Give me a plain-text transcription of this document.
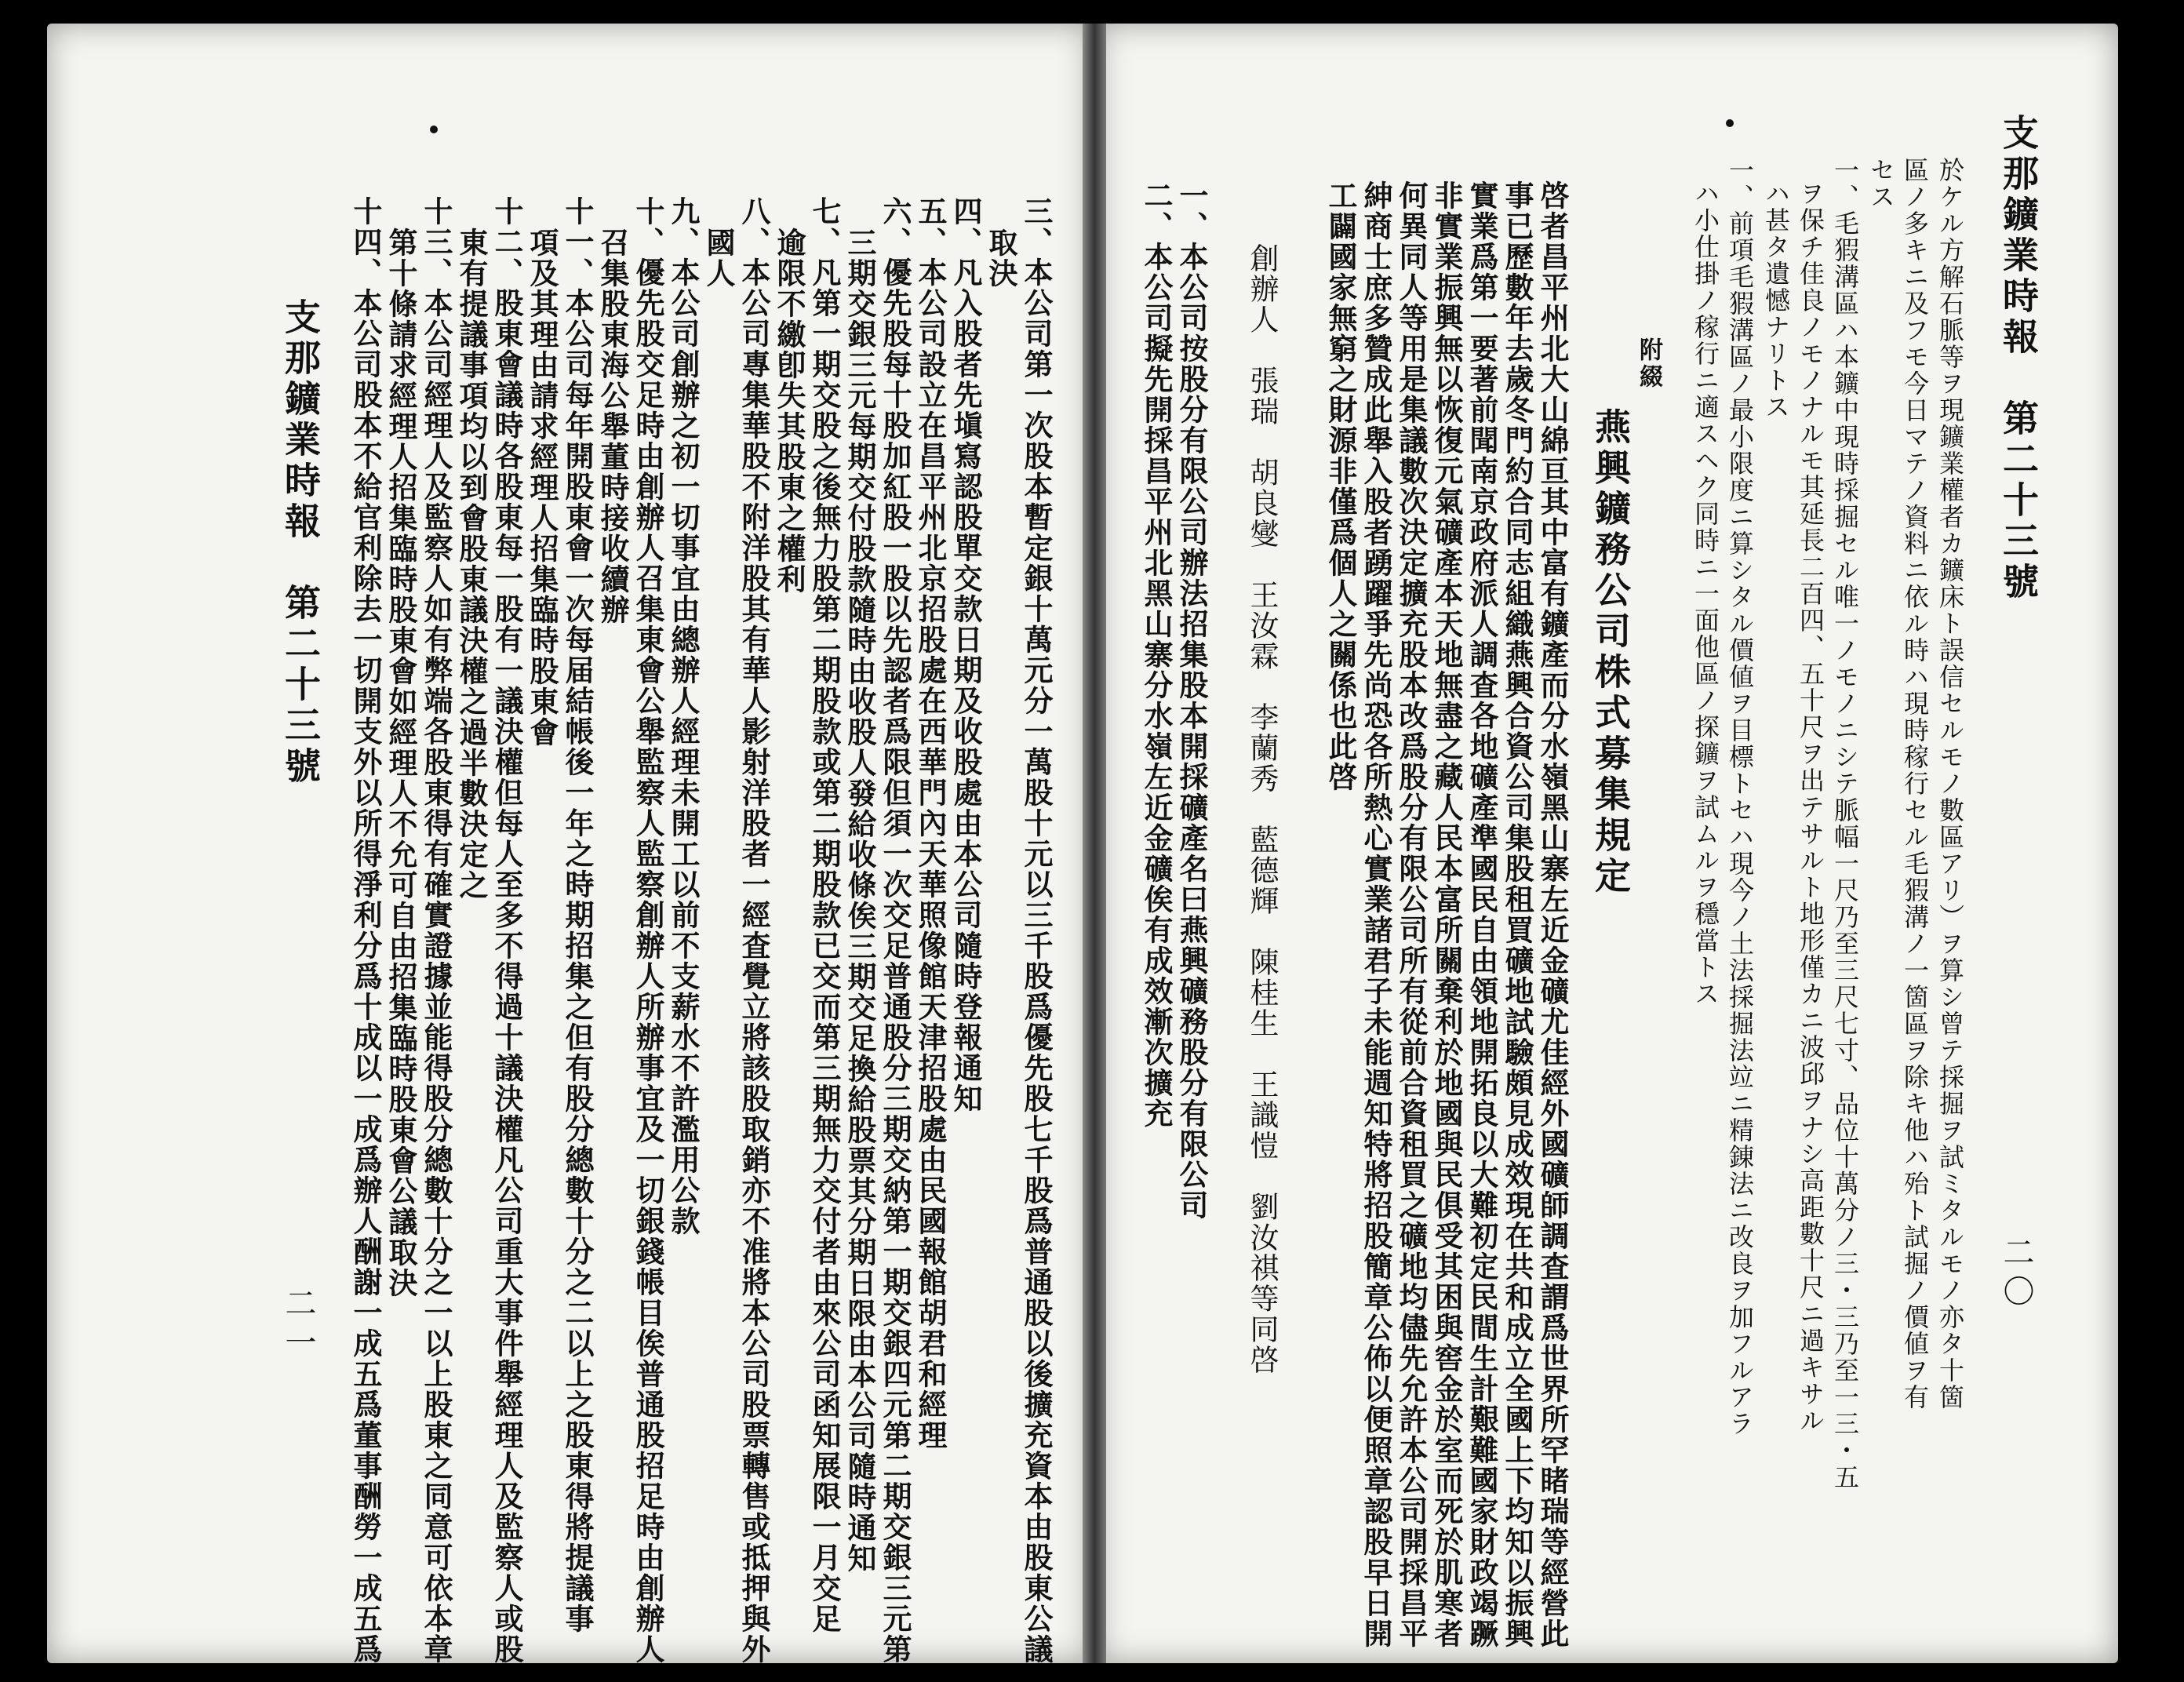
支那鑛業時報　第二十三號
二〇
於ケル方解石脈等ヲ現鑛業權者カ鑛床ト誤信セルモノ數區アリ）ヲ算シ曾テ採掘ヲ試ミタルモノ亦タ十箇
區ノ多キニ及フモ今日マテノ資料ニ依ル時ハ現時稼行セル毛猳溝ノ一箇區ヲ除キ他ハ殆ト試掘ノ價値ヲ有
セス
一、毛猳溝區ハ本鑛中現時採掘セル唯一ノモノニシテ脈幅一尺乃至三尺七寸、品位十萬分ノ三・三乃至一三・五
ヲ保チ佳良ノモノナルモ其延長二百四、五十尺ヲ出テサルト地形僅カニ波邱ヲナシ高距數十尺ニ過キサル
ハ甚タ遺憾ナリトス
一、前項毛猳溝區ノ最小限度ニ算シタル價値ヲ目標トセハ現今ノ土法採掘法竝ニ精錬法ニ改良ヲ加フルアラ
ハ小仕掛ノ稼行ニ適スヘク同時ニ一面他區ノ探鑛ヲ試ムルヲ穩當トス
附綴
燕興鑛務公司株式募集規定
啓者昌平州北大山綿亘其中富有鑛產而分水嶺黑山寨左近金礦尤佳經外國礦師調査謂爲世界所罕睹瑞等經營此
事已歷數年去歲冬門約合同志組織燕興合資公司集股租買礦地試驗頗見成效現在共和成立全國上下均知以振興
實業爲第一要著前聞南京政府派人調査各地礦產準國民自由領地開拓良以大難初定民間生計艱難國家財政竭蹶
非實業振興無以恢復元氣礦產本天地無盡之藏人民本富所關棄利於地國與民俱受其困與窖金於室而死於肌寒者
何異同人等用是集議數次決定擴充股本改爲股分有限公司所有從前合資租買之礦地均儘先允許本公司開採昌平
紳商士庶多贊成此舉入股者踴躍爭先尚恐各所熱心實業諸君子未能週知特將招股簡章公佈以便照章認股早日開
工闢國家無窮之財源非僅爲個人之關係也此啓
創辦人　張瑞　胡良燮　王汝霖　李蘭秀　藍德輝　陳桂生　王識愷　劉汝祺等同啓
一、本公司按股分有限公司辦法招集股本開採礦產名曰燕興礦務股分有限公司
二、本公司擬先開採昌平州北黑山寨分水嶺左近金礦俟有成效漸次擴充
三、本公司第一次股本暫定銀十萬元分一萬股十元以三千股爲優先股七千股爲普通股以後擴充資本由股東公議
取決
四、凡入股者先塡寫認股單交款日期及收股處由本公司隨時登報通知
五、本公司設立在昌平州北京招股處在西華門內天華照像館天津招股處由民國報館胡君和經理
六、優先股每十股加紅股一股以先認者爲限但須一次交足普通股分三期交納第一期交銀四元第二期交銀三元第
三期交銀三元每期交付股款隨時由收股人發給收條俟三期交足換給股票其分期日限由本公司隨時通知
七、凡第一期交股之後無力股第二期股款或第二期股款已交而第三期無力交付者由來公司函知展限一月交足
逾限不繳卽失其股東之權利
八、本公司專集華股不附洋股其有華人影射洋股者一經査覺立將該股取銷亦不准將本公司股票轉售或抵押與外
國人
九、本公司創辦之初一切事宜由總辦人經理未開工以前不支薪水不許濫用公款
十、優先股交足時由創辦人召集東會公舉監察人監察創辦人所辦事宜及一切銀錢帳目俟普通股招足時由創辦人
召集股東海公舉董時接收續辦
十一、本公司每年開股東會一次每届結帳後一年之時期招集之但有股分總數十分之二以上之股東得將提議事
項及其理由請求經理人招集臨時股東會
十二、股東會議時各股東每一股有一議決權但每人至多不得過十議決權凡公司重大事件舉經理人及監察人或股
東有提議事項均以到會股東議決權之過半數決定之
十三、本公司經理人及監察人如有弊端各股東得有確實證據並能得股分總數十分之一以上股東之同意可依本章
第十條請求經理人招集臨時股東會如經理人不允可自由招集臨時股東會公議取決
十四、本公司股本不給官利除去一切開支外以所得淨利分爲十成以一成爲辦人酬謝一成五爲董事酬勞一成五爲
支那鑛業時報　第二十三號
二一
